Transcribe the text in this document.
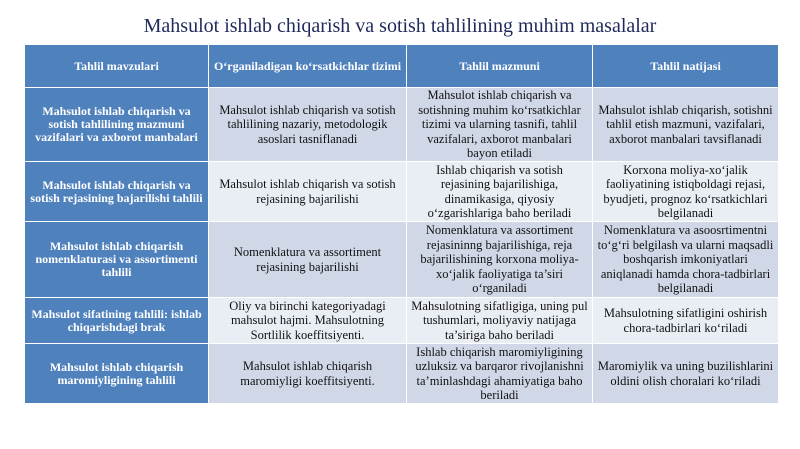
Mahsulot ishlab chiqarish va sotish tahlilining muhim masalalar
Tahlil mavzulari	O‘rganiladigan ko‘rsatkichlar tizimi	Tahlil mazmuni	Tahlil natijasi
Mahsulot ishlab chiqarish va sotish tahlilining mazmuni vazifalari va axborot manbalari	Mahsulot ishlab chiqarish va sotish tahlilining nazariy, metodologik asoslari tasniflanadi	Mahsulot ishlab chiqarish va sotishning muhim ko‘rsatkichlar tizimi va ularning tasnifi, tahlil vazifalari, axborot manbalari bayon etiladi	Mahsulot ishlab chiqarish, sotishni tahlil etish mazmuni, vazifalari, axborot manbalari tavsiflanadi
Mahsulot ishlab chiqarish va sotish rejasining bajarilishi tahlili	Mahsulot ishlab chiqarish va sotish rejasining bajarilishi	Ishlab chiqarish va sotish rejasining bajarilishiga, dinamikasiga, qiyosiy o‘zgarishlariga baho beriladi	Korxona moliya-xo‘jalik faoliyatining istiqboldagi rejasi, byudjeti, prognoz ko‘rsatkichlari belgilanadi
Mahsulot ishlab chiqarish nomenklaturasi va assortimenti tahlili	Nomenklatura va assortiment rejasining bajarilishi	Nomenklatura va assortiment rejasininng bajarilishiga, reja bajarilishining korxona moliya-xo‘jalik faoliyatiga ta’siri o‘rganiladi	Nomenklatura va asoosrtimentni to‘g‘ri belgilash va ularni maqsadli boshqarish imkoniyatlari aniqlanadi hamda chora-tadbirlari belgilanadi
Mahsulot sifatining tahlili: ishlab chiqarishdagi brak	Oliy va birinchi kategoriyadagi mahsulot hajmi. Mahsulotning Sortlilik koeffitsiyenti.	Mahsulotning sifatligiga, uning pul tushumlari, moliyaviy natijaga ta’siriga baho beriladi	Mahsulotning sifatligini oshirish chora-tadbirlari ko‘riladi
Mahsulot ishlab chiqarish maromiyligining tahlili	Mahsulot ishlab chiqarish maromiyligi koeffitsiyenti.	Ishlab chiqarish maromiyligining uzluksiz va barqaror rivojlanishni ta’minlashdagi ahamiyatiga baho beriladi	Maromiylik va uning buzilishlarini oldini olish choralari ko‘riladi
